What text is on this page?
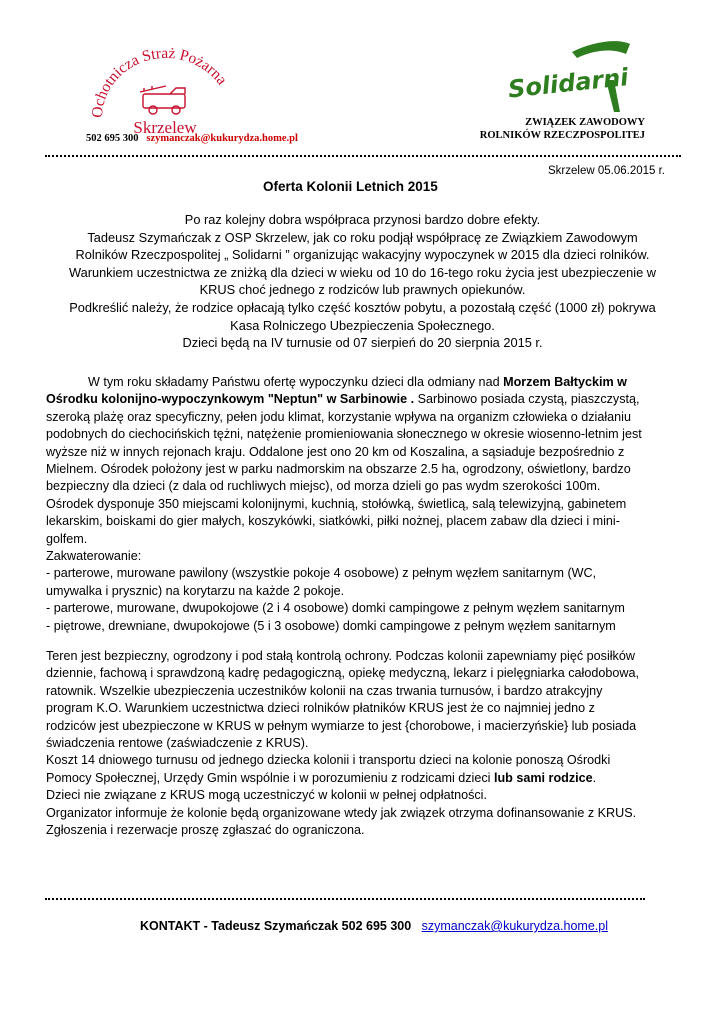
Ochotnicza Straż Pożarna
Skrzelew
Solidarni
502 695 300 szymanczak@kukurydza.home.pl
ZWIĄZEK ZAWODOWY
ROLNIKÓW RZECZPOSPOLITEJ
Skrzelew 05.06.2015 r.
Oferta Kolonii Letnich 2015

Po raz kolejny dobra współpraca przynosi bardzo dobre efekty.

Tadeusz Szymańczak z OSP Skrzelew, jak co roku podjął współpracę ze Związkiem Zawodowym

Rolników Rzeczpospolitej „ Solidarni ” organizując wakacyjny wypoczynek w 2015 dla dzieci rolników.

Warunkiem uczestnictwa ze zniżką dla dzieci w wieku od 10 do 16-tego roku życia jest ubezpieczenie w

KRUS choć jednego z rodziców lub prawnych opiekunów.

Podkreślić należy, że rodzice opłacają tylko część kosztów pobytu, a pozostałą część (1000 zł) pokrywa

Kasa Rolniczego Ubezpieczenia Społecznego.

Dzieci będą na IV turnusie od 07 sierpień do 20 sierpnia 2015 r.

W tym roku składamy Państwu ofertę wypoczynku dzieci dla odmiany nad Morzem Bałtyckim w

Ośrodku kolonijno-wypoczynkowym "Neptun" w Sarbinowie . Sarbinowo posiada czystą, piaszczystą,

szeroką plażę oraz specyficzny, pełen jodu klimat, korzystanie wpływa na organizm człowieka o działaniu

podobnych do ciechocińskich tężni, natężenie promieniowania słonecznego w okresie wiosenno-letnim jest

wyższe niż w innych rejonach kraju. Oddalone jest ono 20 km od Koszalina, a sąsiaduje bezpośrednio z

Mielnem. Ośrodek położony jest w parku nadmorskim na obszarze 2.5 ha, ogrodzony, oświetlony, bardzo

bezpieczny dla dzieci (z dala od ruchliwych miejsc), od morza dzieli go pas wydm szerokości 100m.

Ośrodek dysponuje 350 miejscami kolonijnymi, kuchnią, stołówką, świetlicą, salą telewizyjną, gabinetem

lekarskim, boiskami do gier małych, koszykówki, siatkówki, piłki nożnej, placem zabaw dla dzieci i mini-

golfem.

Zakwaterowanie:

- parterowe, murowane pawilony (wszystkie pokoje 4 osobowe) z pełnym węzłem sanitarnym (WC,

umywalka i prysznic) na korytarzu na każde 2 pokoje.

- parterowe, murowane, dwupokojowe (2 i 4 osobowe) domki campingowe z pełnym węzłem sanitarnym

- piętrowe, drewniane, dwupokojowe (5 i 3 osobowe) domki campingowe z pełnym węzłem sanitarnym

Teren jest bezpieczny, ogrodzony i pod stałą kontrolą ochrony. Podczas kolonii zapewniamy pięć posiłków

dziennie, fachową i sprawdzoną kadrę pedagogiczną, opiekę medyczną, lekarz i pielęgniarka całodobowa,

ratownik. Wszelkie ubezpieczenia uczestników kolonii na czas trwania turnusów, i bardzo atrakcyjny

program K.O. Warunkiem uczestnictwa dzieci rolników płatników KRUS jest że co najmniej jedno z

rodziców jest ubezpieczone w KRUS w pełnym wymiarze to jest {chorobowe, i macierzyńskie} lub posiada

świadczenia rentowe (zaświadczenie z KRUS).

Koszt 14 dniowego turnusu od jednego dziecka kolonii i transportu dzieci na kolonie ponoszą Ośrodki

Pomocy Społecznej, Urzędy Gmin wspólnie i w porozumieniu z rodzicami dzieci lub sami rodzice.

Dzieci nie związane z KRUS mogą uczestniczyć w kolonii w pełnej odpłatności.

Organizator informuje że kolonie będą organizowane wtedy jak związek otrzyma dofinansowanie z KRUS.

Zgłoszenia i rezerwacje proszę zgłaszać do ograniczona.

KONTAKT - Tadeusz Szymańczak 502 695 300 szymanczak@kukurydza.home.pl
